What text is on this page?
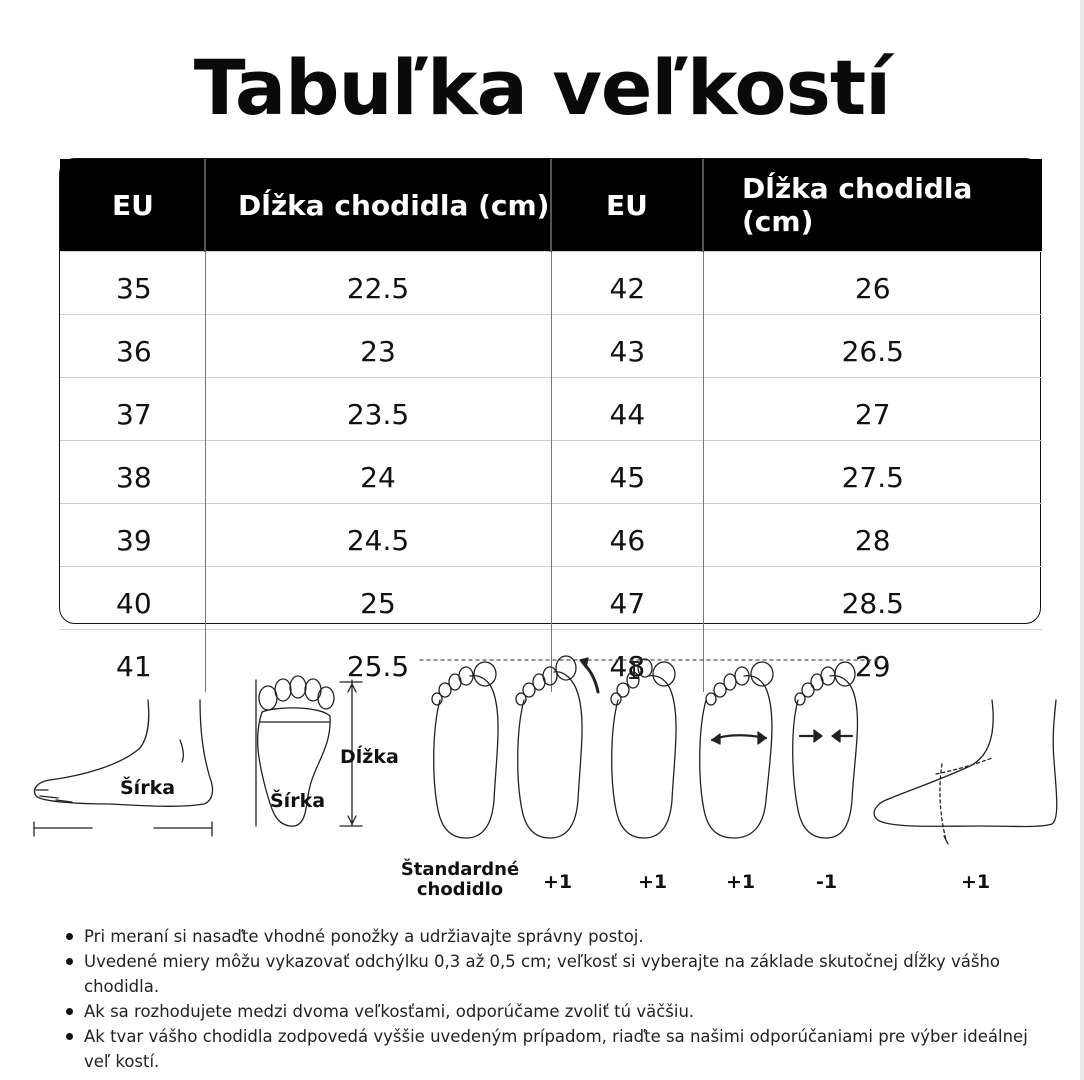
Tabuľka veľkostí
EU	Dĺžka chodidla (cm)	EU	Dĺžka chodidla (cm)
35	22.5	42	26
36	23	43	26.5
37	23.5	44	27
38	24	45	27.5
39	24.5	46	28
40	25	47	28.5
41	25.5	48	29
Šírka
Dĺžka
Šírka
Štandardné
chodidlo	+1	+1	+1	-1	+1
Pri meraní si nasaďte vhodné ponožky a udržiavajte správny postoj.
Uvedené miery môžu vykazovať odchýlku 0,3 až 0,5 cm; veľkosť si vyberajte na základe skutočnej dĺžky vášho chodidla.
Ak sa rozhodujete medzi dvoma veľkosťami, odporúčame zvoliť tú väčšiu.
Ak tvar vášho chodidla zodpovedá vyššie uvedeným prípadom, riaďte sa našimi odporúčaniami pre výber ideálnej veľ kostí.
